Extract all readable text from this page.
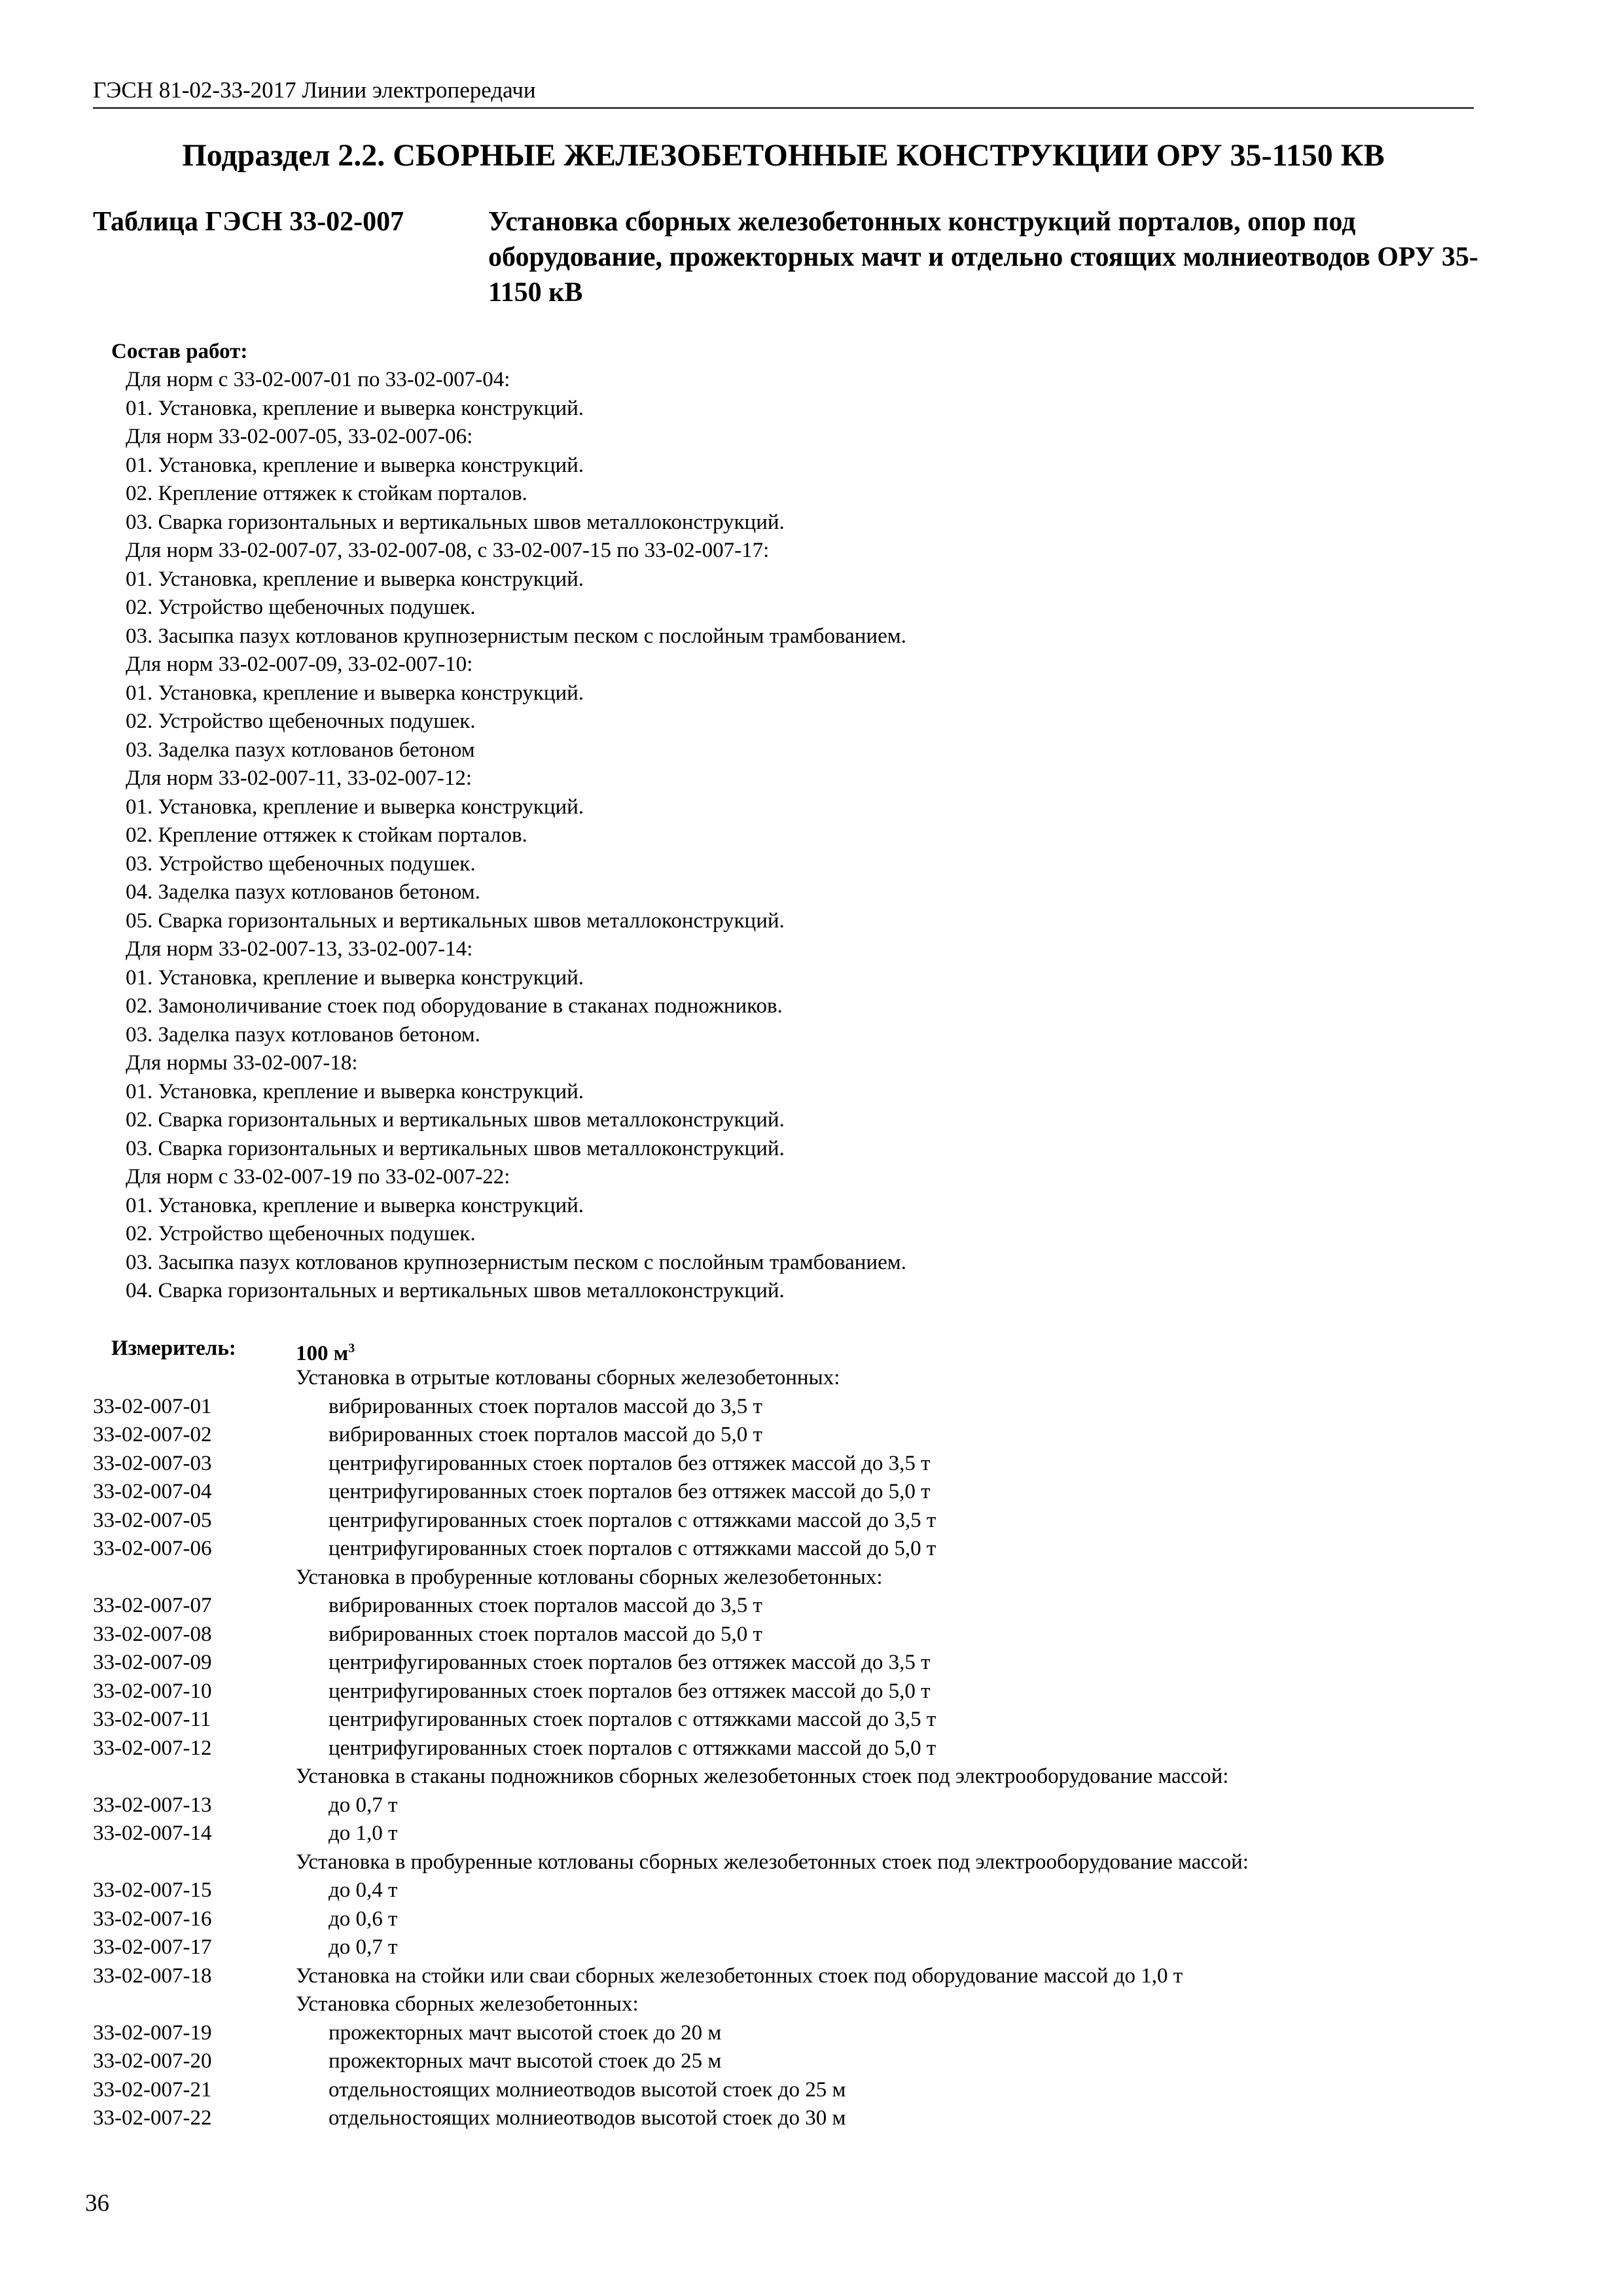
ГЭСН 81-02-33-2017 Линии электропередачи
Подраздел 2.2. СБОРНЫЕ ЖЕЛЕЗОБЕТОННЫЕ КОНСТРУКЦИИ ОРУ 35-1150 КВ
Таблица ГЭСН 33-02-007	Установка сборных железобетонных конструкций порталов, опор под оборудование, прожекторных мачт и отдельно стоящих молниеотводов ОРУ 35-1150 кВ
Состав работ:
Для норм с 33-02-007-01 по 33-02-007-04:
01. Установка, крепление и выверка конструкций.
Для норм 33-02-007-05, 33-02-007-06:
01. Установка, крепление и выверка конструкций.
02. Крепление оттяжек к стойкам порталов.
03. Сварка горизонтальных и вертикальных швов металлоконструкций.
Для норм 33-02-007-07, 33-02-007-08, с 33-02-007-15 по 33-02-007-17:
01. Установка, крепление и выверка конструкций.
02. Устройство щебеночных подушек.
03. Засыпка пазух котлованов крупнозернистым песком с послойным трамбованием.
Для норм 33-02-007-09, 33-02-007-10:
01. Установка, крепление и выверка конструкций.
02. Устройство щебеночных подушек.
03. Заделка пазух котлованов бетоном
Для норм 33-02-007-11, 33-02-007-12:
01. Установка, крепление и выверка конструкций.
02. Крепление оттяжек к стойкам порталов.
03. Устройство щебеночных подушек.
04. Заделка пазух котлованов бетоном.
05. Сварка горизонтальных и вертикальных швов металлоконструкций.
Для норм 33-02-007-13, 33-02-007-14:
01. Установка, крепление и выверка конструкций.
02. Замоноличивание стоек под оборудование в стаканах подножников.
03. Заделка пазух котлованов бетоном.
Для нормы 33-02-007-18:
01. Установка, крепление и выверка конструкций.
02. Сварка горизонтальных и вертикальных швов металлоконструкций.
03. Сварка горизонтальных и вертикальных швов металлоконструкций.
Для норм с 33-02-007-19 по 33-02-007-22:
01. Установка, крепление и выверка конструкций.
02. Устройство щебеночных подушек.
03. Засыпка пазух котлованов крупнозернистым песком с послойным трамбованием.
04. Сварка горизонтальных и вертикальных швов металлоконструкций.
Измеритель:	100 $м^3$
Установка в отрытые котлованы сборных железобетонных:
33-02-007-01	вибрированных стоек порталов массой до 3,5 т
33-02-007-02	вибрированных стоек порталов массой до 5,0 т
33-02-007-03	центрифугированных стоек порталов без оттяжек массой до 3,5 т
33-02-007-04	центрифугированных стоек порталов без оттяжек массой до 5,0 т
33-02-007-05	центрифугированных стоек порталов с оттяжками массой до 3,5 т
33-02-007-06	центрифугированных стоек порталов с оттяжками массой до 5,0 т
Установка в пробуренные котлованы сборных железобетонных:
33-02-007-07	вибрированных стоек порталов массой до 3,5 т
33-02-007-08	вибрированных стоек порталов массой до 5,0 т
33-02-007-09	центрифугированных стоек порталов без оттяжек массой до 3,5 т
33-02-007-10	центрифугированных стоек порталов без оттяжек массой до 5,0 т
33-02-007-11	центрифугированных стоек порталов с оттяжками массой до 3,5 т
33-02-007-12	центрифугированных стоек порталов с оттяжками массой до 5,0 т
Установка в стаканы подножников сборных железобетонных стоек под электрооборудование массой:
33-02-007-13	до 0,7 т
33-02-007-14	до 1,0 т
Установка в пробуренные котлованы сборных железобетонных стоек под электрооборудование массой:
33-02-007-15	до 0,4 т
33-02-007-16	до 0,6 т
33-02-007-17	до 0,7 т
33-02-007-18	Установка на стойки или сваи сборных железобетонных стоек под оборудование массой до 1,0 т
Установка сборных железобетонных:
33-02-007-19	прожекторных мачт высотой стоек до 20 м
33-02-007-20	прожекторных мачт высотой стоек до 25 м
33-02-007-21	отдельностоящих молниеотводов высотой стоек до 25 м
33-02-007-22	отдельностоящих молниеотводов высотой стоек до 30 м
36
